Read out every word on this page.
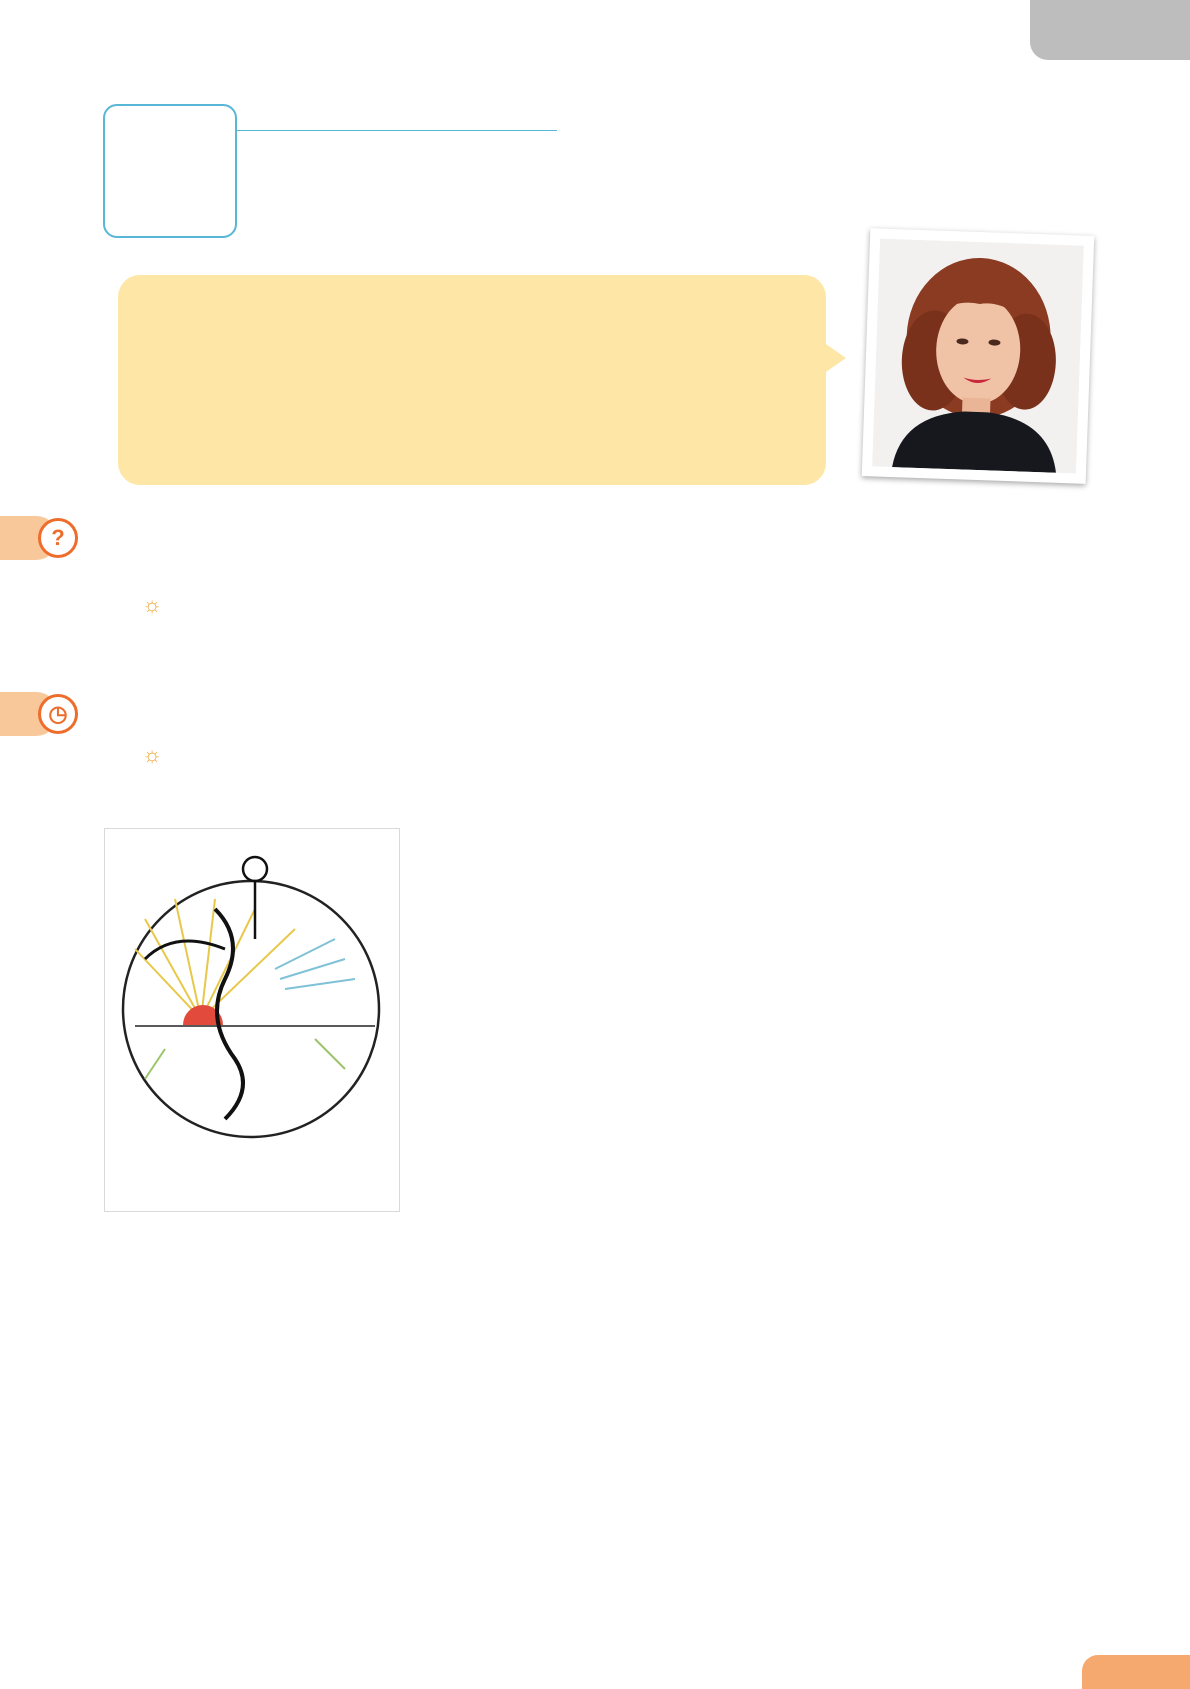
?
☼
◷
☼
